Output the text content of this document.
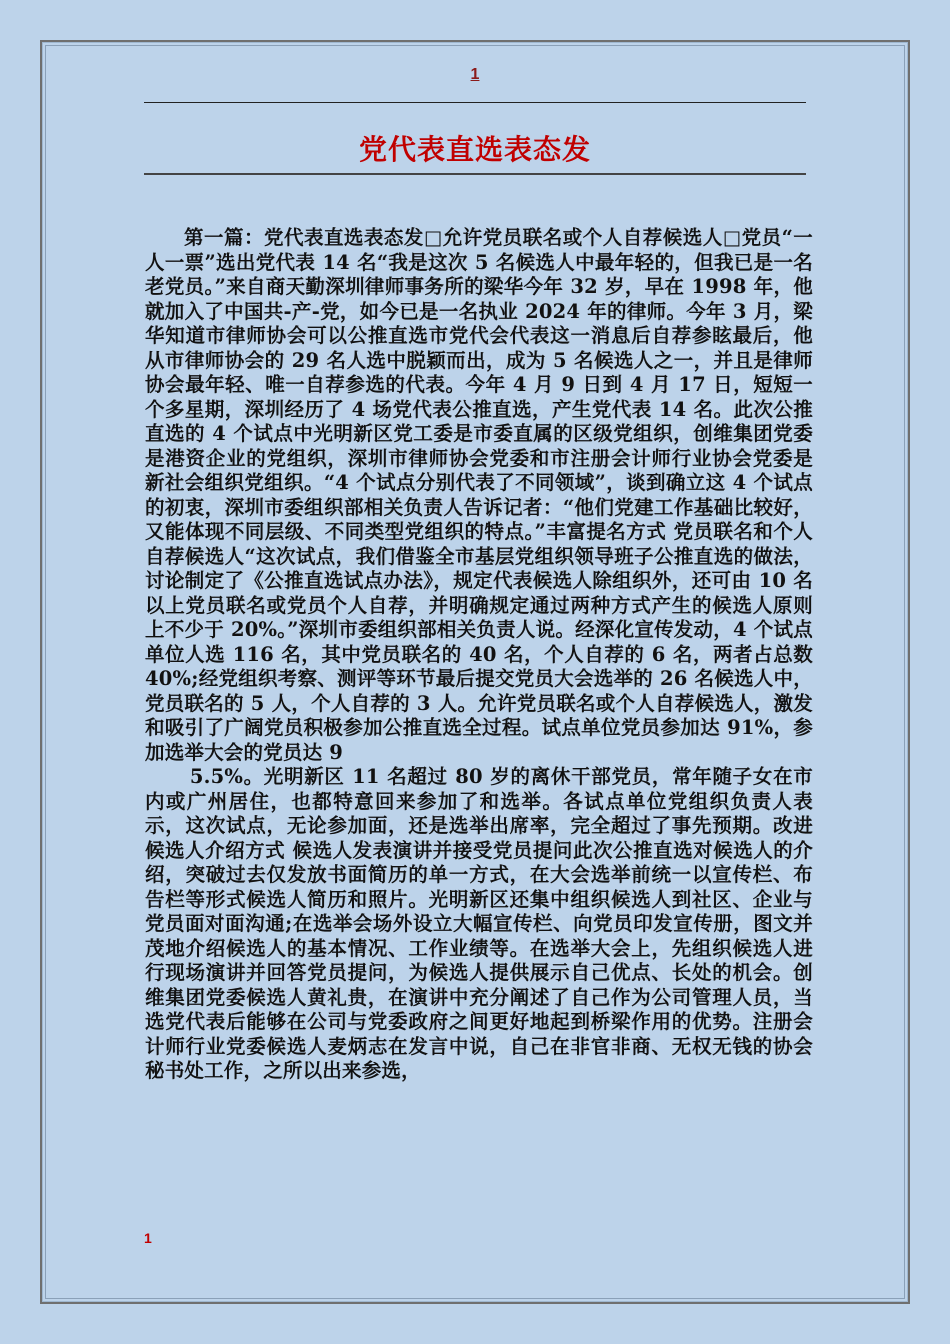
1
党代表直选表态发

第一篇：党代表直选表态发□允许党员联名或个人自荐候选人□党员“一人一票”选出党代表 14 名“我是这次 5 名候选人中最年轻的，但我已是一名老党员。”来自商天勤深圳律师事务所的梁华今年 32 岁，早在 1998 年，他就加入了中国共-产-党，如今已是一名执业 2024 年的律师。今年 3 月，梁华知道市律师协会可以公推直选市党代会代表这一消息后自荐参眩最后，他从市律师协会的 29 名人选中脱颖而出，成为 5 名候选人之一，并且是律师协会最年轻、唯一自荐参选的代表。今年 4 月 9 日到 4 月 17 日，短短一个多星期，深圳经历了 4 场党代表公推直选，产生党代表 14 名。此次公推直选的 4 个试点中光明新区党工委是市委直属的区级党组织，创维集团党委是港资企业的党组织，深圳市律师协会党委和市注册会计师行业协会党委是新社会组织党组织。“4 个试点分别代表了不同领域”，谈到确立这 4 个试点的初衷，深圳市委组织部相关负责人告诉记者：“他们党建工作基础比较好，又能体现不同层级、不同类型党组织的特点。”丰富提名方式 党员联名和个人自荐候选人“这次试点，我们借鉴全市基层党组织领导班子公推直选的做法，讨论制定了《公推直选试点办法》，规定代表候选人除组织外，还可由 10 名以上党员联名或党员个人自荐，并明确规定通过两种方式产生的候选人原则上不少于 20%。”深圳市委组织部相关负责人说。经深化宣传发动，4 个试点单位人选 116 名，其中党员联名的 40 名，个人自荐的 6 名，两者占总数 40%;经党组织考察、测评等环节最后提交党员大会选举的 26 名候选人中，党员联名的 5 人，个人自荐的 3 人。允许党员联名或个人自荐候选人，激发和吸引了广阔党员积极参加公推直选全过程。试点单位党员参加达 91%，参加选举大会的党员达 9

5.5%。光明新区 11 名超过 80 岁的离休干部党员，常年随子女在市内或广州居住，也都特意回来参加了和选举。各试点单位党组织负责人表示，这次试点，无论参加面，还是选举出席率，完全超过了事先预期。改进候选人介绍方式 候选人发表演讲并接受党员提问此次公推直选对候选人的介绍，突破过去仅发放书面简历的单一方式，在大会选举前统一以宣传栏、布告栏等形式候选人简历和照片。光明新区还集中组织候选人到社区、企业与党员面对面沟通;在选举会场外设立大幅宣传栏、向党员印发宣传册，图文并茂地介绍候选人的基本情况、工作业绩等。在选举大会上，先组织候选人进行现场演讲并回答党员提问，为候选人提供展示自己优点、长处的机会。创维集团党委候选人黄礼贵，在演讲中充分阐述了自己作为公司管理人员，当选党代表后能够在公司与党委政府之间更好地起到桥梁作用的优势。注册会计师行业党委候选人麦炳志在发言中说，自己在非官非商、无权无钱的协会秘书处工作，之所以出来参选，

1
